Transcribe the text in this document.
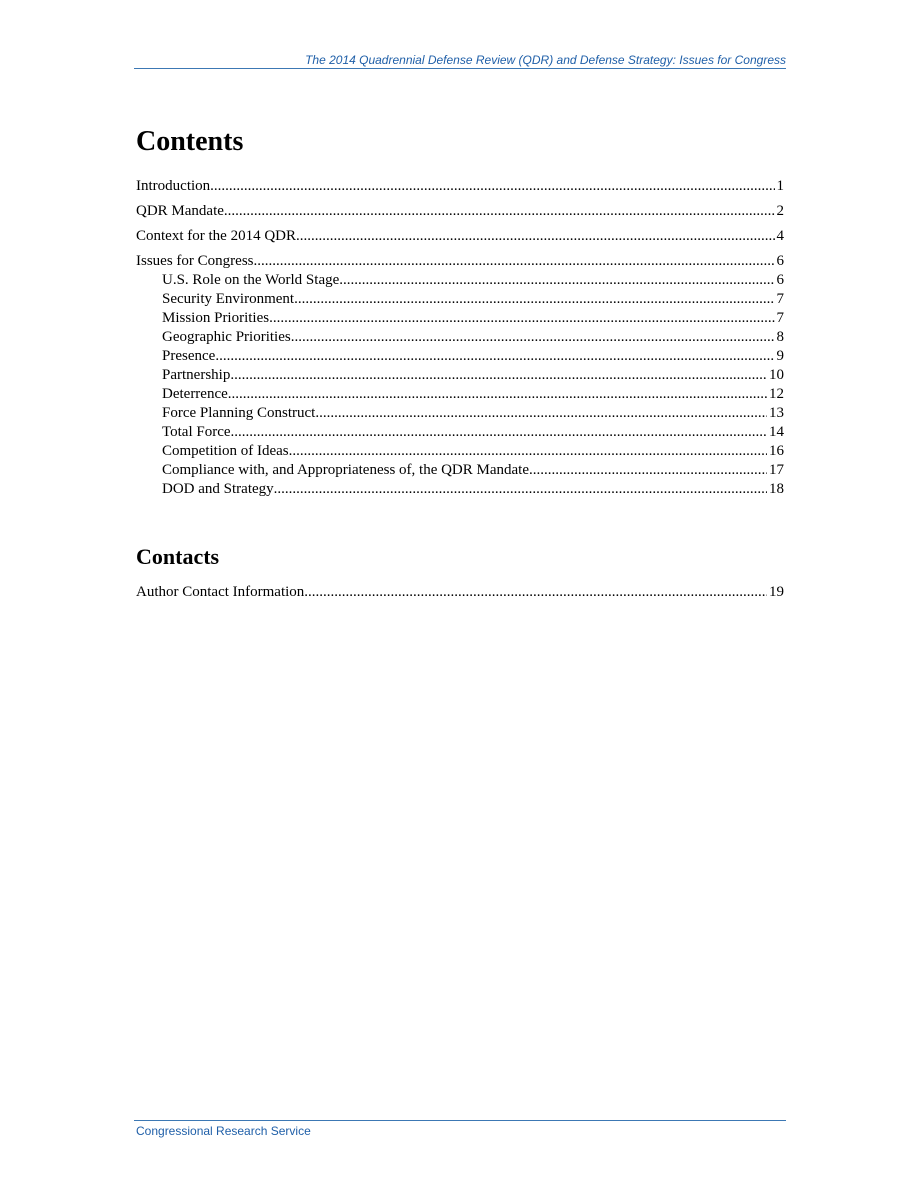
The 2014 Quadrennial Defense Review (QDR) and Defense Strategy: Issues for Congress
Contents
Introduction .....	1
QDR Mandate .....	2
Context for the 2014 QDR .....	4
Issues for Congress .....	6
U.S. Role on the World Stage .....	6
Security Environment .....	7
Mission Priorities .....	7
Geographic Priorities .....	8
Presence .....	9
Partnership .....	10
Deterrence .....	12
Force Planning Construct .....	13
Total Force .....	14
Competition of Ideas .....	16
Compliance with, and Appropriateness of, the QDR Mandate .....	17
DOD and Strategy .....	18
Contacts
Author Contact Information .....	19
Congressional Research Service
